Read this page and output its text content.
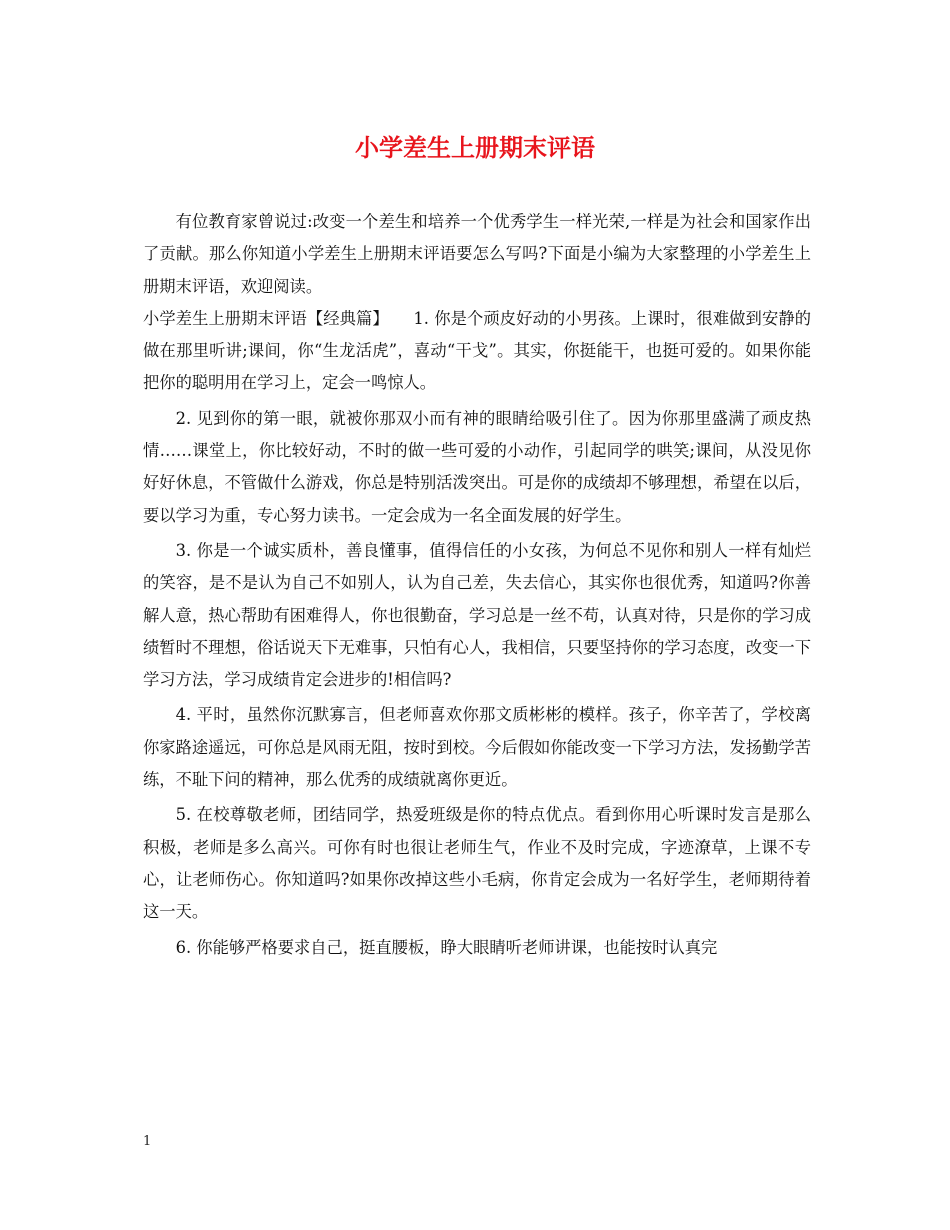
小学差生上册期末评语

有位教育家曾说过:改变一个差生和培养一个优秀学生一样光荣,一样是为社会和国家作出了贡献。那么你知道小学差生上册期末评语要怎么写吗?下面是小编为大家整理的小学差生上册期末评语，欢迎阅读。

小学差生上册期末评语【经典篇】　　1. 你是个顽皮好动的小男孩。上课时，很难做到安静的做在那里听讲;课间，你“生龙活虎”，喜动“干戈”。其实，你挺能干，也挺可爱的。如果你能把你的聪明用在学习上，定会一鸣惊人。

2. 见到你的第一眼，就被你那双小而有神的眼睛给吸引住了。因为你那里盛满了顽皮热情……课堂上，你比较好动，不时的做一些可爱的小动作，引起同学的哄笑;课间，从没见你好好休息，不管做什么游戏，你总是特别活泼突出。可是你的成绩却不够理想，希望在以后，要以学习为重，专心努力读书。一定会成为一名全面发展的好学生。

3. 你是一个诚实质朴，善良懂事，值得信任的小女孩，为何总不见你和别人一样有灿烂的笑容，是不是认为自己不如别人，认为自己差，失去信心，其实你也很优秀，知道吗?你善解人意，热心帮助有困难得人，你也很勤奋，学习总是一丝不苟，认真对待，只是你的学习成绩暂时不理想，俗话说天下无难事，只怕有心人，我相信，只要坚持你的学习态度，改变一下学习方法，学习成绩肯定会进步的!相信吗?

4. 平时，虽然你沉默寡言，但老师喜欢你那文质彬彬的模样。孩子，你辛苦了，学校离你家路途遥远，可你总是风雨无阻，按时到校。今后假如你能改变一下学习方法，发扬勤学苦练，不耻下问的精神，那么优秀的成绩就离你更近。

5. 在校尊敬老师，团结同学，热爱班级是你的特点优点。看到你用心听课时发言是那么积极，老师是多么高兴。可你有时也很让老师生气，作业不及时完成，字迹潦草，上课不专心，让老师伤心。你知道吗?如果你改掉这些小毛病，你肯定会成为一名好学生，老师期待着这一天。

6. 你能够严格要求自己，挺直腰板，睁大眼睛听老师讲课，也能按时认真完

1
